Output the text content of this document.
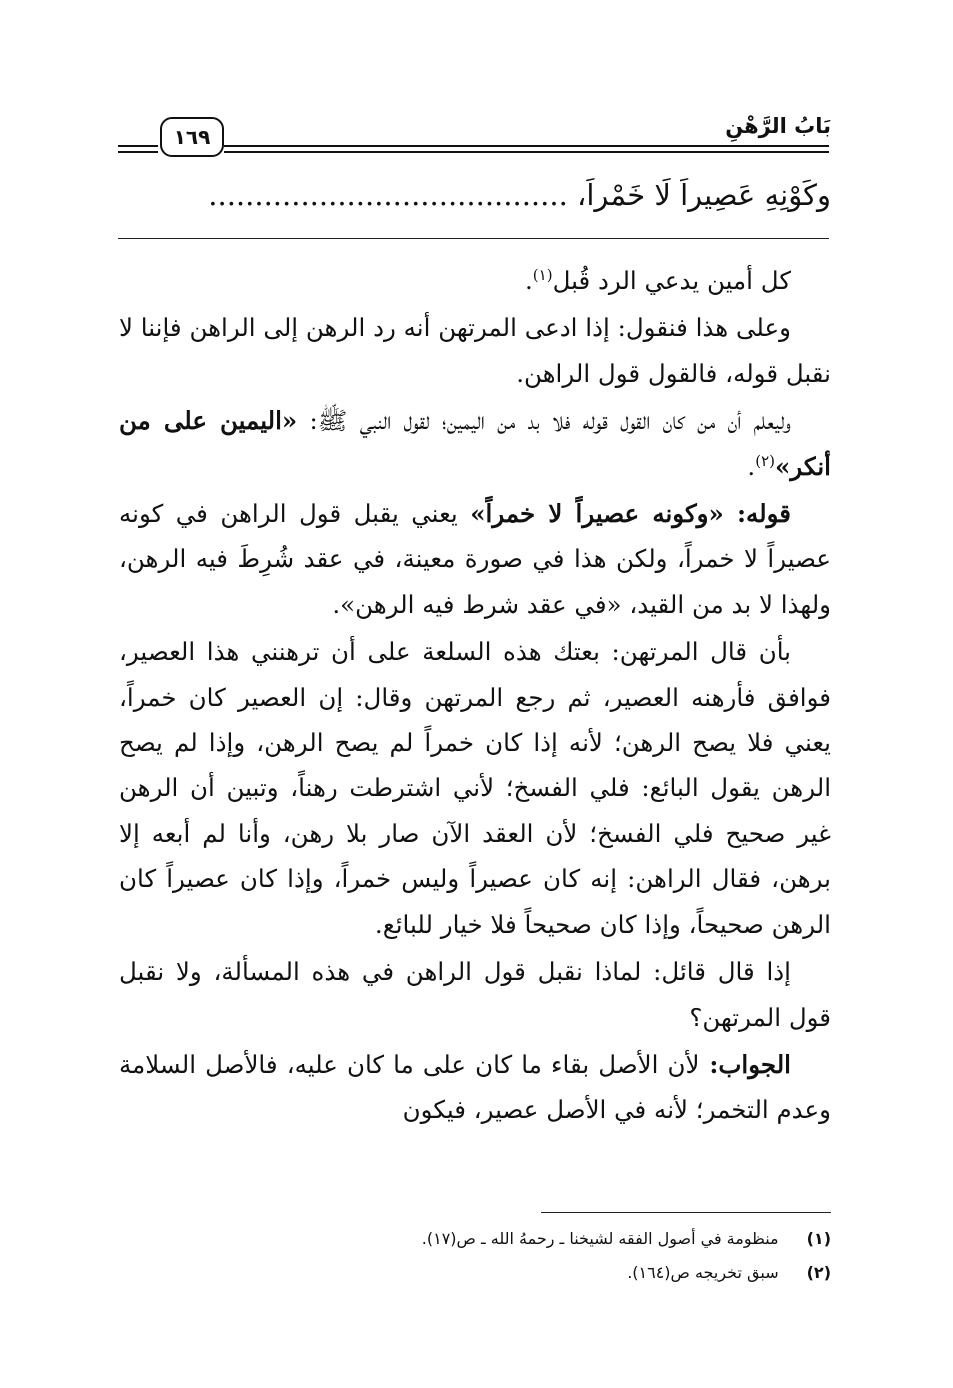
بَابُ الرَّهْنِ
١٦٩
وكَوْنِهِ عَصِيراً لَا خَمْراً، .......................................

كل أمين يدعي الرد قُبل$^{(١)}$.

وعلى هذا فنقول: إذا ادعى المرتهن أنه رد الرهن إلى الراهن فإننا لا نقبل قوله، فالقول قول الراهن.

وليعلم أن من كان القول قوله فلا بد من اليمين؛ لقول النبي ﷺ: «اليمين على من أنكر»$^{(٢)}$.

قوله: «وكونه عصيراً لا خمراً» يعني يقبل قول الراهن في كونه عصيراً لا خمراً، ولكن هذا في صورة معينة، في عقد شُرِطَ فيه الرهن، ولهذا لا بد من القيد، «في عقد شرط فيه الرهن».

بأن قال المرتهن: بعتك هذه السلعة على أن ترهنني هذا العصير، فوافق فأرهنه العصير، ثم رجع المرتهن وقال: إن العصير كان خمراً، يعني فلا يصح الرهن؛ لأنه إذا كان خمراً لم يصح الرهن، وإذا لم يصح الرهن يقول البائع: فلي الفسخ؛ لأني اشترطت رهناً، وتبين أن الرهن غير صحيح فلي الفسخ؛ لأن العقد الآن صار بلا رهن، وأنا لم أبعه إلا برهن، فقال الراهن: إنه كان عصيراً وليس خمراً، وإذا كان عصيراً كان الرهن صحيحاً، وإذا كان صحيحاً فلا خيار للبائع.

إذا قال قائل: لماذا نقبل قول الراهن في هذه المسألة، ولا نقبل قول المرتهن؟

الجواب: لأن الأصل بقاء ما كان على ما كان عليه، فالأصل السلامة وعدم التخمر؛ لأنه في الأصل عصير، فيكون

(١)
منظومة في أصول الفقه لشيخنا ـ رحمهُ الله ـ ص(١٧).
(٢)
سبق تخريجه ص(١٦٤).
